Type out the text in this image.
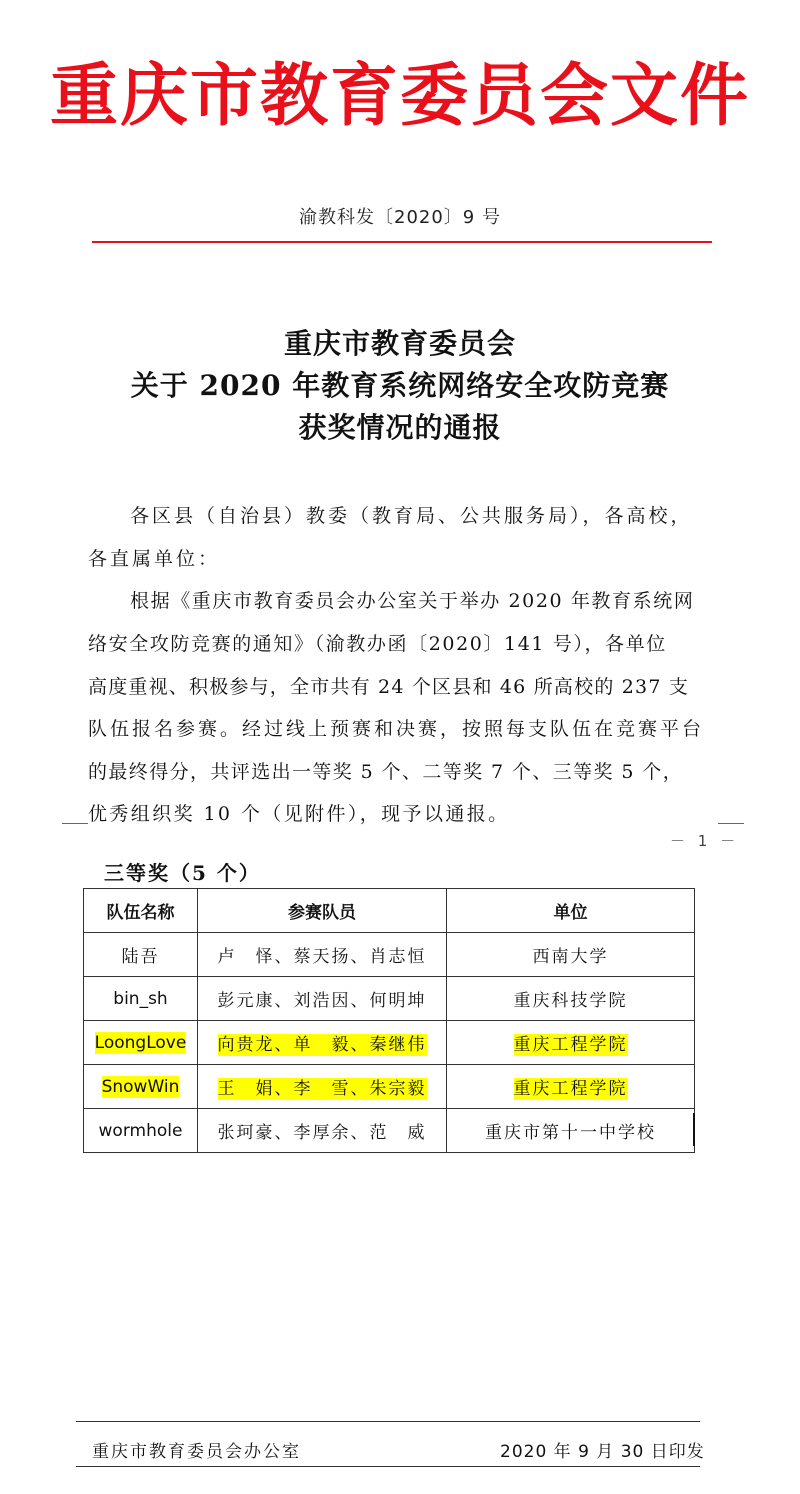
重庆市教育委员会文件
渝教科发〔2020〕9 号
重庆市教育委员会
关于 2020 年教育系统网络安全攻防竞赛
获奖情况的通报
各区县（自治县）教委（教育局、公共服务局），各高校，
各直属单位：
根据《重庆市教育委员会办公室关于举办 2020 年教育系统网
络安全攻防竞赛的通知》（渝教办函〔2020〕141 号），各单位
高度重视、积极参与，全市共有 24 个区县和 46 所高校的 237 支
队伍报名参赛。经过线上预赛和决赛，按照每支队伍在竞赛平台
的最终得分，共评选出一等奖 5 个、二等奖 7 个、三等奖 5 个，
优秀组织奖 10 个（见附件），现予以通报。
－ 1 －
三等奖（5 个）
队伍名称	参赛队员	单位
陆吾	卢　怿、蔡天扬、肖志恒	西南大学
bin_sh	彭元康、刘浩因、何明坤	重庆科技学院
LoongLove	向贵龙、单　毅、秦继伟	重庆工程学院
SnowWin	王　娟、李　雪、朱宗毅	重庆工程学院
wormhole	张珂豪、李厚余、范　威	重庆市第十一中学校
重庆市教育委员会办公室	2020 年 9 月 30 日印发
